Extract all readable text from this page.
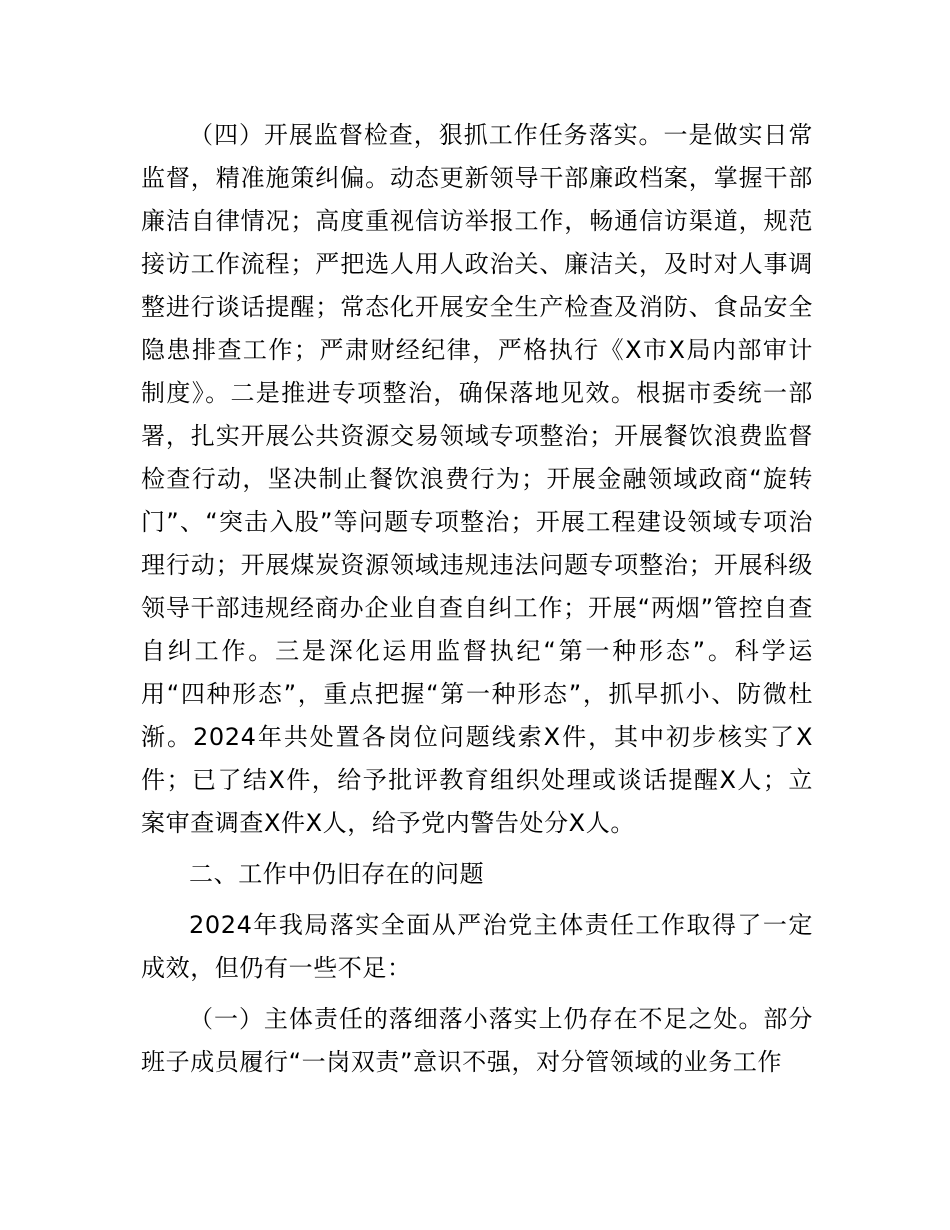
（四）开展监督检查，狠抓工作任务落实。一是做实日常监督，精准施策纠偏。动态更新领导干部廉政档案，掌握干部廉洁自律情况；高度重视信访举报工作，畅通信访渠道，规范接访工作流程；严把选人用人政治关、廉洁关，及时对人事调整进行谈话提醒；常态化开展安全生产检查及消防、食品安全隐患排查工作；严肃财经纪律，严格执行《X市X局内部审计制度》。二是推进专项整治，确保落地见效。根据市委统一部署，扎实开展公共资源交易领域专项整治；开展餐饮浪费监督检查行动，坚决制止餐饮浪费行为；开展金融领域政商“旋转门”、“突击入股”等问题专项整治；开展工程建设领域专项治理行动；开展煤炭资源领域违规违法问题专项整治；开展科级领导干部违规经商办企业自查自纠工作；开展“两烟”管控自查自纠工作。三是深化运用监督执纪“第一种形态”。科学运用“四种形态”，重点把握“第一种形态”，抓早抓小、防微杜渐。2024年共处置各岗位问题线索X件，其中初步核实了X件；已了结X件，给予批评教育组织处理或谈话提醒X人；立案审查调查X件X人，给予党内警告处分X人。

二、工作中仍旧存在的问题

2024年我局落实全面从严治党主体责任工作取得了一定成效，但仍有一些不足：

（一）主体责任的落细落小落实上仍存在不足之处。部分班子成员履行“一岗双责”意识不强，对分管领域的业务工作
